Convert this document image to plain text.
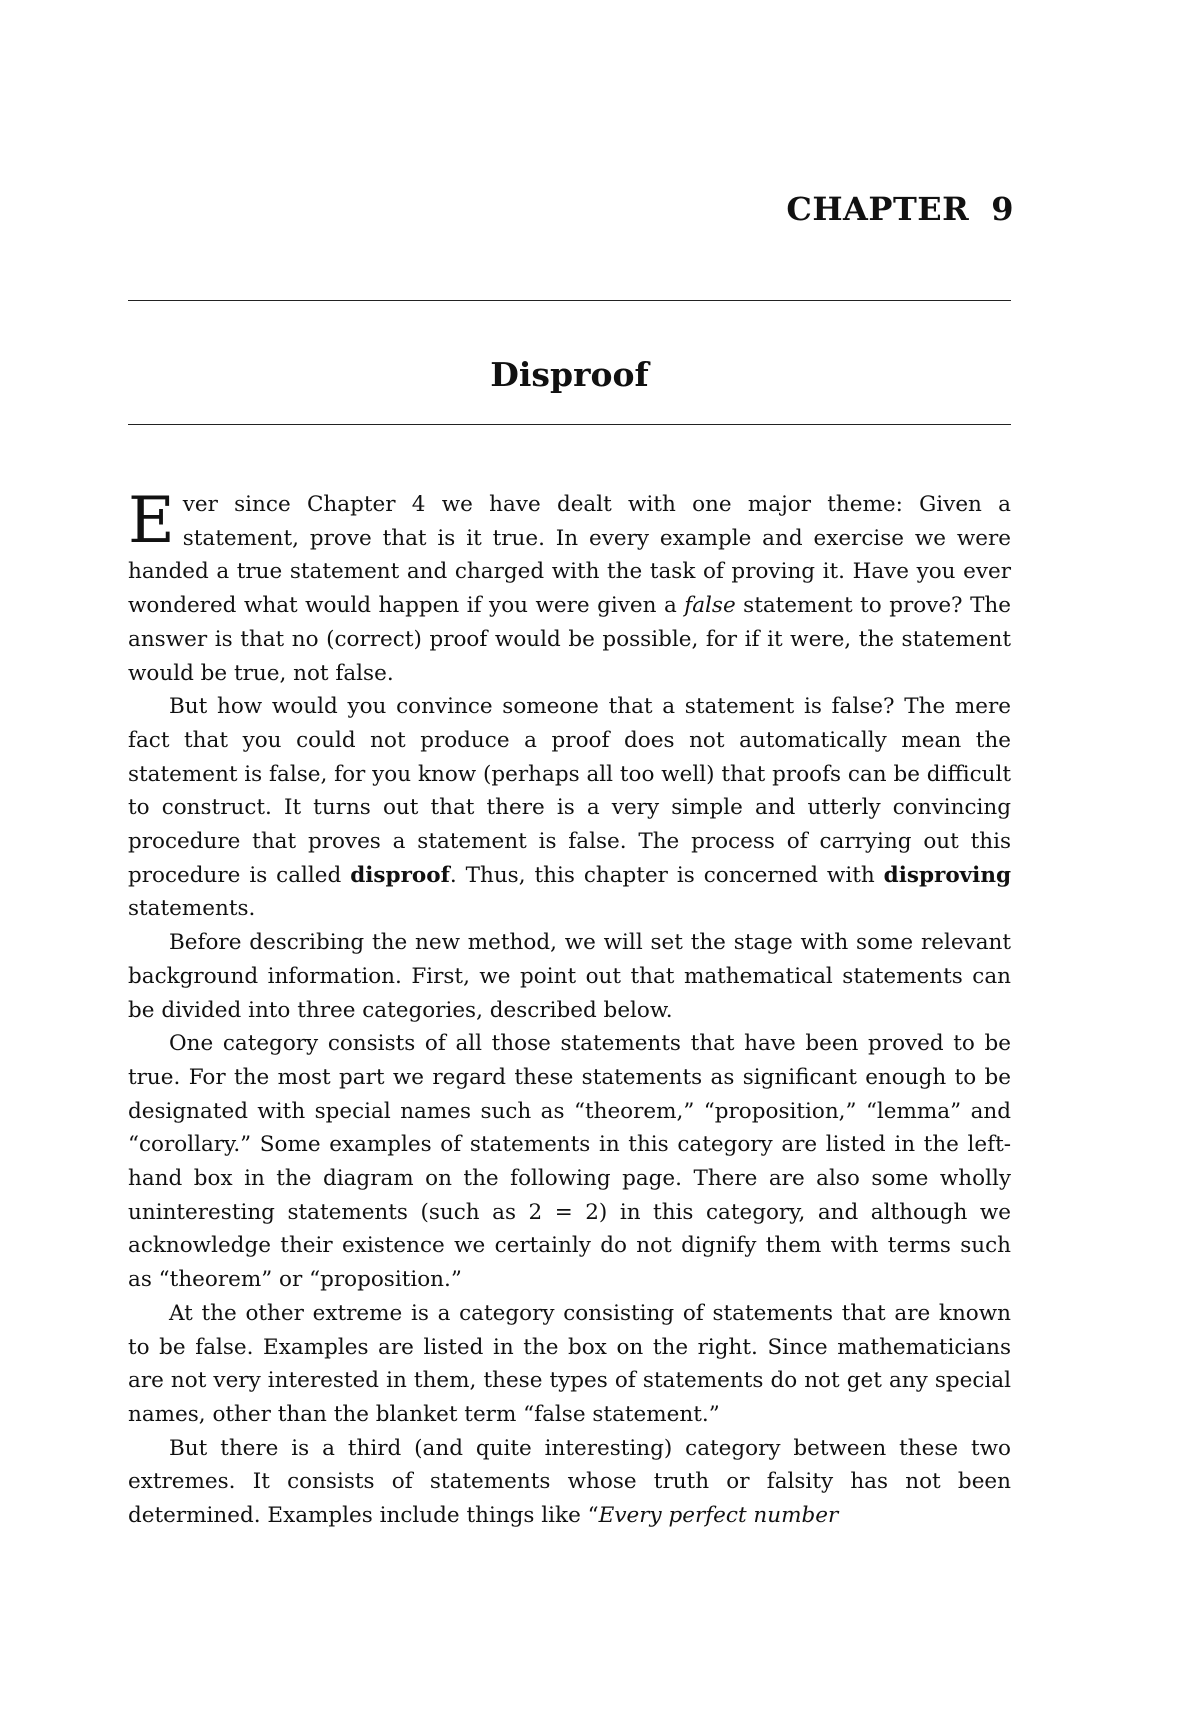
CHAPTER 9
Disproof

Ever since Chapter 4 we have dealt with one major theme: Given a statement, prove that is it true. In every example and exercise we were handed a true statement and charged with the task of proving it. Have you ever wondered what would happen if you were given a false statement to prove? The answer is that no (correct) proof would be possible, for if it were, the statement would be true, not false.

But how would you convince someone that a statement is false? The mere fact that you could not produce a proof does not automatically mean the statement is false, for you know (perhaps all too well) that proofs can be difficult to construct. It turns out that there is a very simple and utterly convincing procedure that proves a statement is false. The process of carrying out this procedure is called disproof. Thus, this chapter is concerned with disproving statements.

Before describing the new method, we will set the stage with some relevant background information. First, we point out that mathematical statements can be divided into three categories, described below.

One category consists of all those statements that have been proved to be true. For the most part we regard these statements as significant enough to be designated with special names such as “theorem,” “proposition,” “lemma” and “corollary.” Some examples of statements in this category are listed in the left-hand box in the diagram on the following page. There are also some wholly uninteresting statements (such as 2 = 2) in this category, and although we acknowledge their existence we certainly do not dignify them with terms such as “theorem” or “proposition.”

At the other extreme is a category consisting of statements that are known to be false. Examples are listed in the box on the right. Since mathematicians are not very interested in them, these types of statements do not get any special names, other than the blanket term “false statement.”

But there is a third (and quite interesting) category between these two extremes. It consists of statements whose truth or falsity has not been determined. Examples include things like “Every perfect number
